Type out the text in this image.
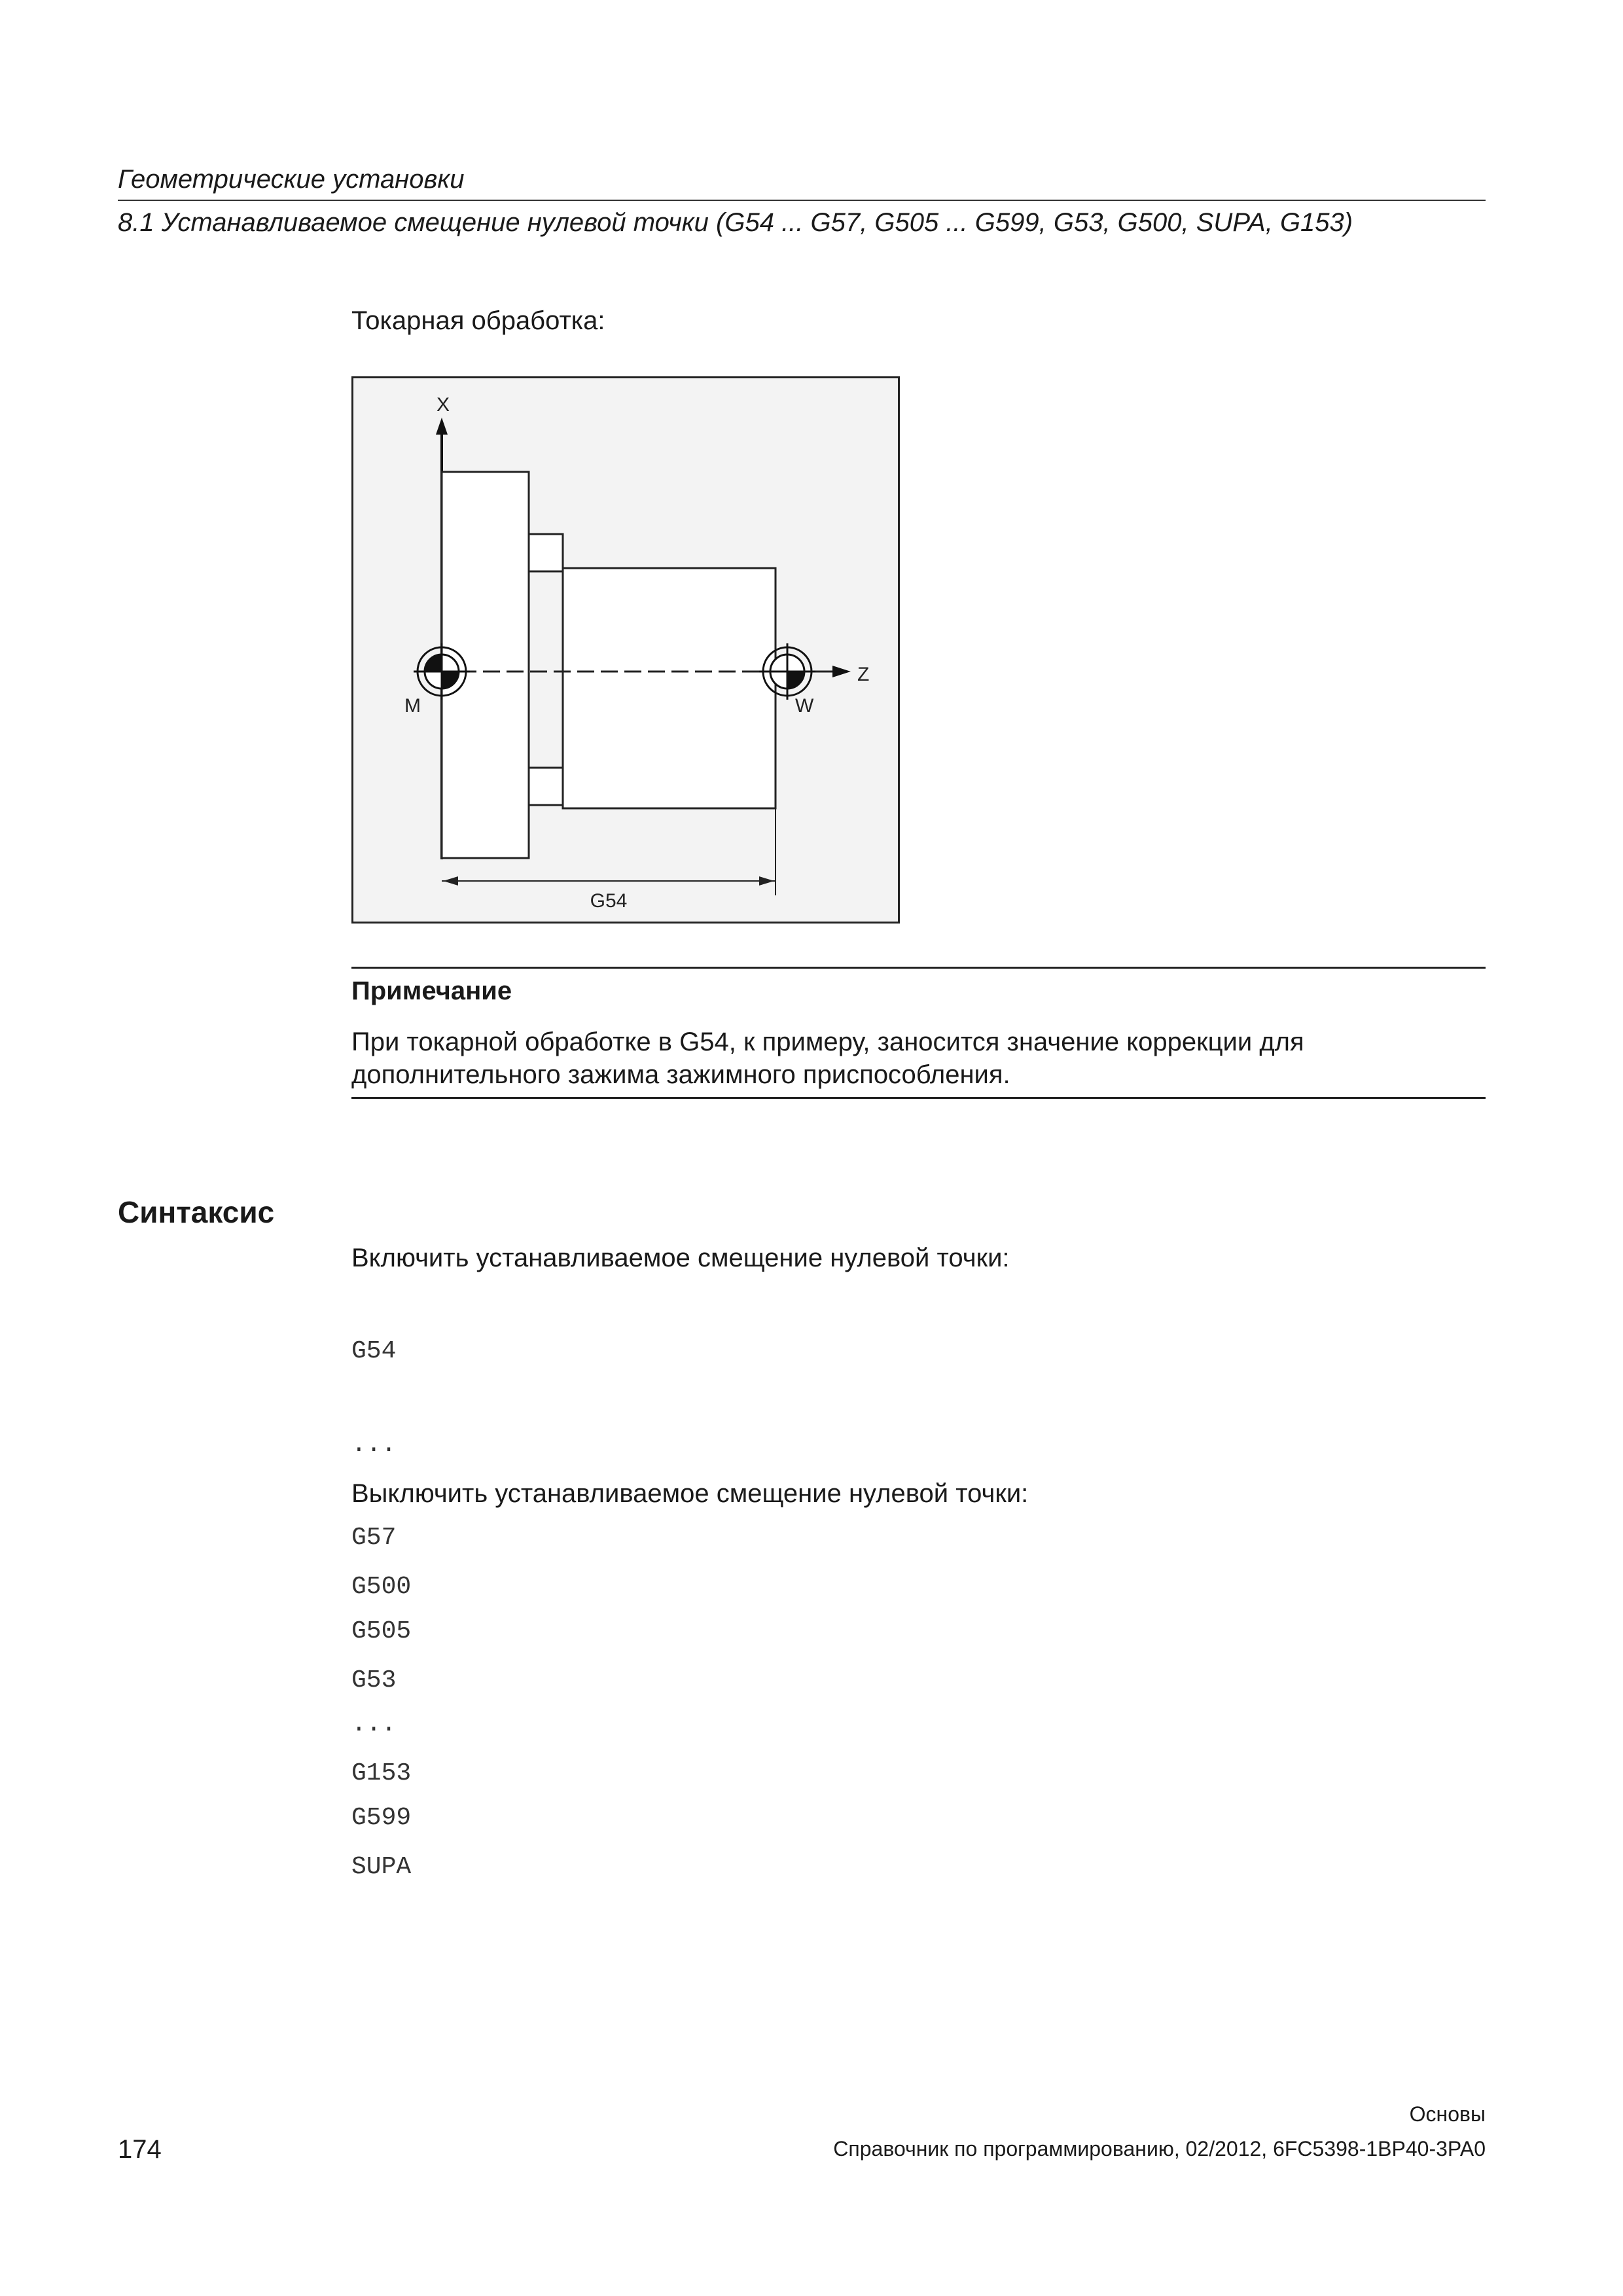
Геометрические установки
8.1 Устанавливаемое смещение нулевой точки (G54 ... G57, G505 ... G599, G53, G500, SUPA, G153)
Токарная обработка:
X
Z
M	W
G54
Примечание
При токарной обработке в G54, к примеру, заносится значение коррекции для
дополнительного зажима зажимного приспособления.
Синтаксис
Включить устанавливаемое смещение нулевой точки:

G54

...

G57

G505

...

G599

Выключить устанавливаемое смещение нулевой точки:

G500

G53

G153

SUPA

174
Основы
Справочник по программированию, 02/2012, 6FC5398-1BP40-3PA0
